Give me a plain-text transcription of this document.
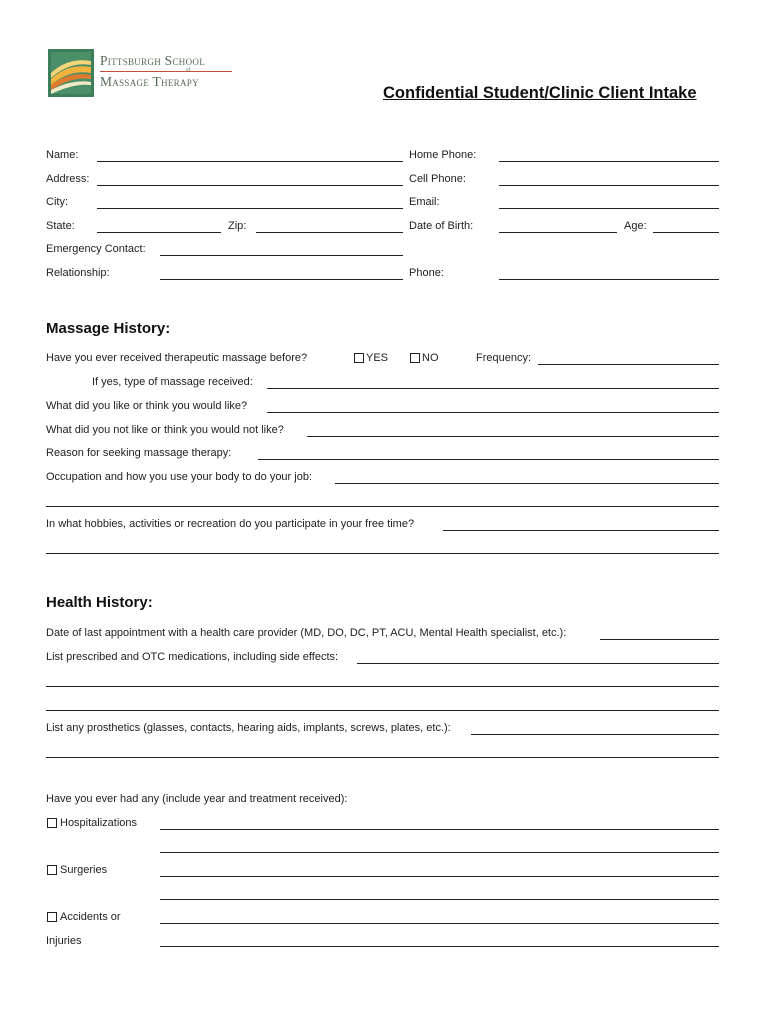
Pittsburgh School
of
Massage Therapy
Confidential Student/Clinic Client Intake
Name:	Home Phone:
Address:	Cell Phone:
City:	Email:
State:	Zip:	Date of Birth:	Age:
Emergency Contact:
Relationship:	Phone:
Massage History:
Have you ever received therapeutic massage before?	YES	NO	Frequency:
If yes, type of massage received:
What did you like or think you would like?
What did you not like or think you would not like?
Reason for seeking massage therapy:
Occupation and how you use your body to do your job:
In what hobbies, activities or recreation do you participate in your free time?
Health History:
Date of last appointment with a health care provider (MD, DO, DC, PT, ACU, Mental Health specialist, etc.):
List prescribed and OTC medications, including side effects:
List any prosthetics (glasses, contacts, hearing aids, implants, screws, plates, etc.):
Have you ever had any (include year and treatment received):
Hospitalizations
Surgeries
Accidents or
Injuries
